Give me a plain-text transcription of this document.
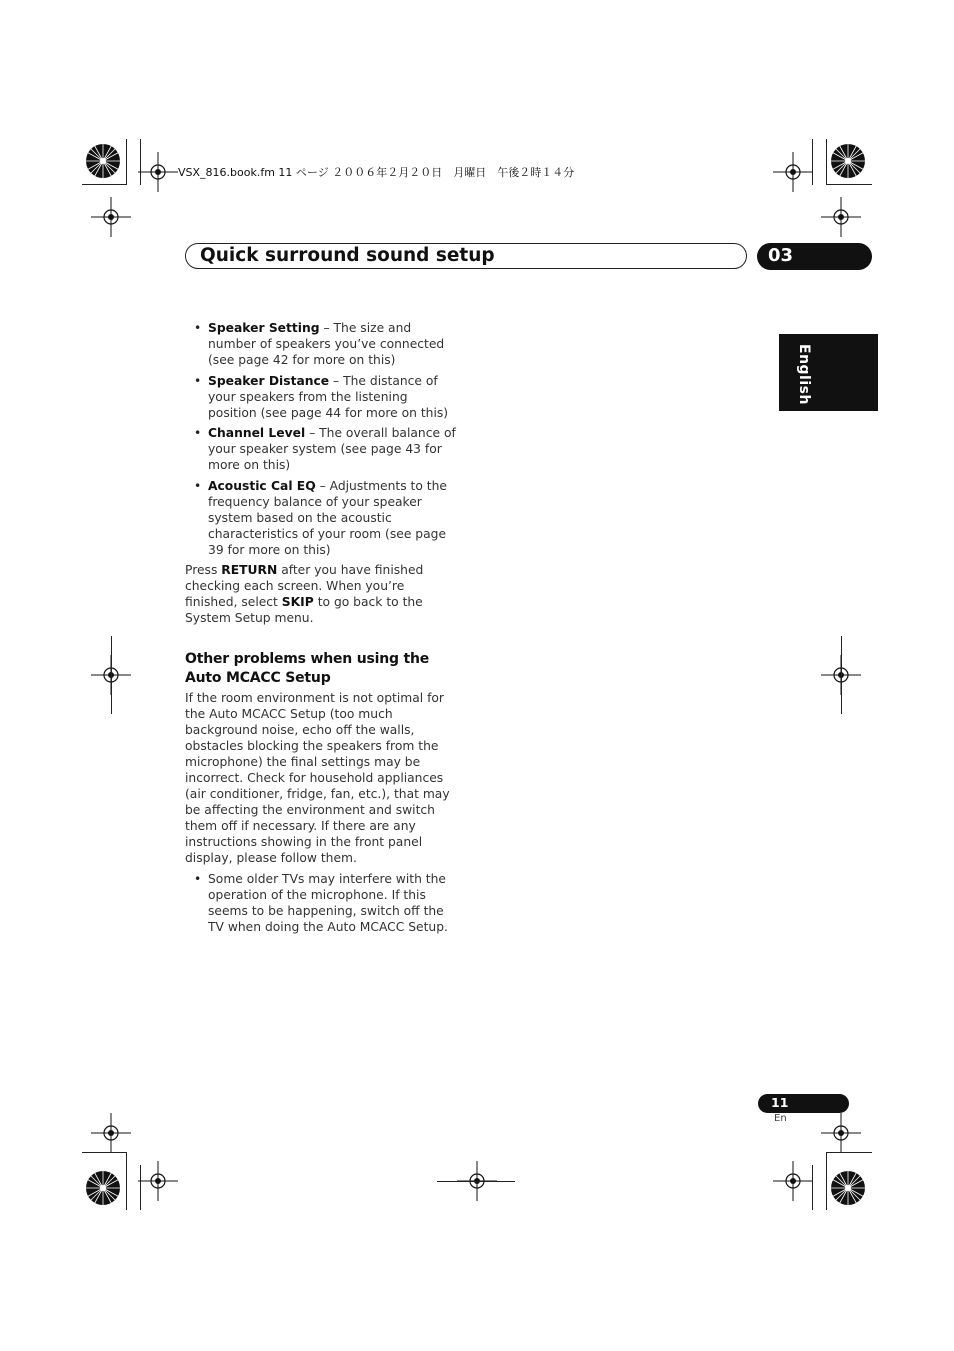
VSX_816.book.fm 11 ページ ２００６年２月２０日　月曜日　午後２時１４分
Quick surround sound setup	03
English
• Speaker Setting – The size and number of speakers you’ve connected (see page 42 for more on this)
• Speaker Distance – The distance of your speakers from the listening position (see page 44 for more on this)
• Channel Level – The overall balance of your speaker system (see page 43 for more on this)
• Acoustic Cal EQ – Adjustments to the frequency balance of your speaker system based on the acoustic characteristics of your room (see page 39 for more on this)

Press RETURN after you have finished checking each screen. When you’re finished, select SKIP to go back to the System Setup menu.

Other problems when using the Auto MCACC Setup

If the room environment is not optimal for the Auto MCACC Setup (too much background noise, echo off the walls, obstacles blocking the speakers from the microphone) the final settings may be incorrect. Check for household appliances (air conditioner, fridge, fan, etc.), that may be affecting the environment and switch them off if necessary. If there are any instructions showing in the front panel display, please follow them.

• Some older TVs may interfere with the operation of the microphone. If this seems to be happening, switch off the TV when doing the Auto MCACC Setup.
11
En
